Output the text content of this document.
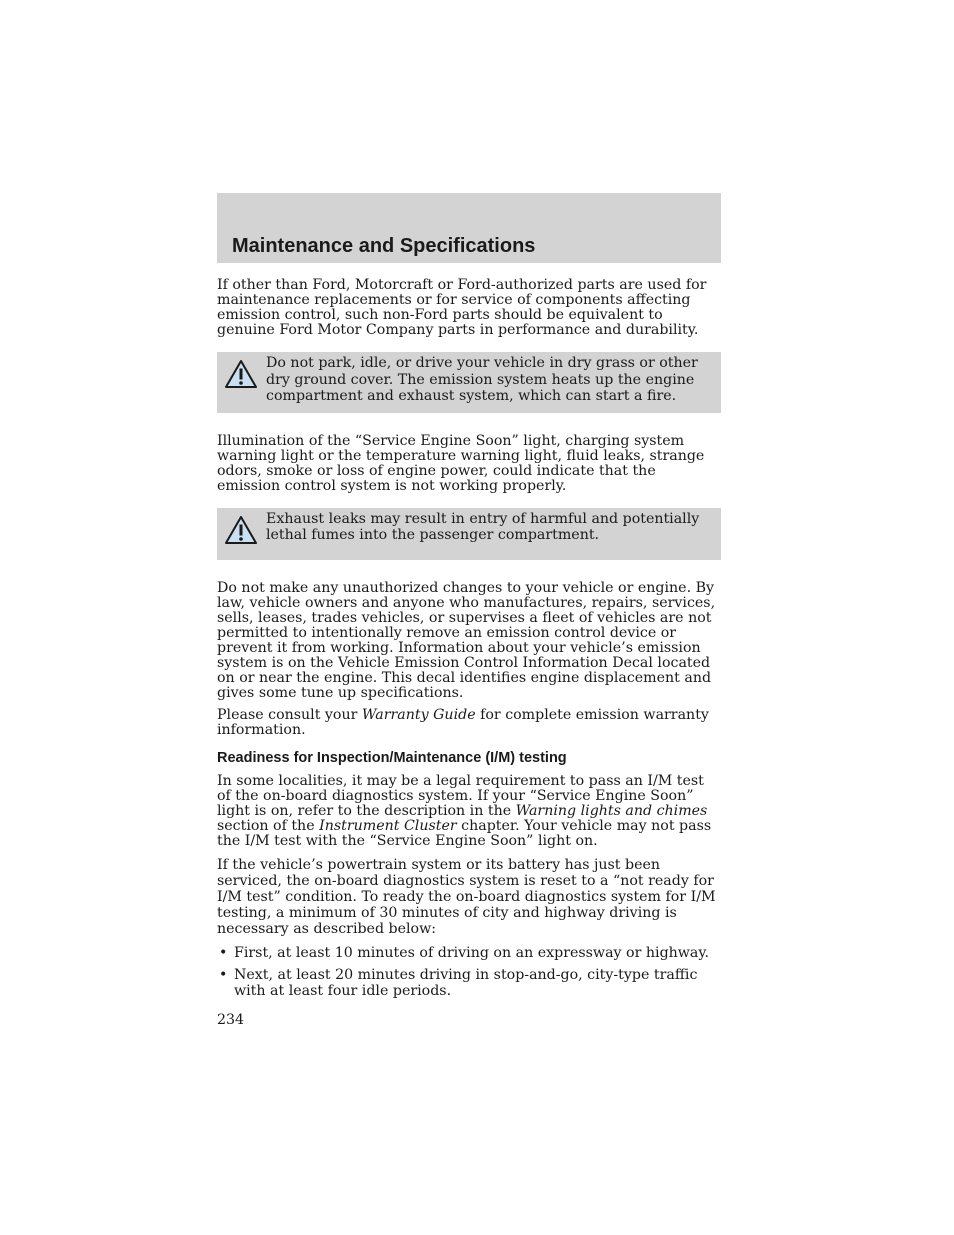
Maintenance and Specifications

If other than Ford, Motorcraft or Ford-authorized parts are used for maintenance replacements or for service of components affecting emission control, such non-Ford parts should be equivalent to genuine Ford Motor Company parts in performance and durability.

Do not park, idle, or drive your vehicle in dry grass or other dry ground cover. The emission system heats up the engine compartment and exhaust system, which can start a fire.

Illumination of the “Service Engine Soon” light, charging system warning light or the temperature warning light, fluid leaks, strange odors, smoke or loss of engine power, could indicate that the emission control system is not working properly.

Exhaust leaks may result in entry of harmful and potentially lethal fumes into the passenger compartment.

Do not make any unauthorized changes to your vehicle or engine. By law, vehicle owners and anyone who manufactures, repairs, services, sells, leases, trades vehicles, or supervises a fleet of vehicles are not permitted to intentionally remove an emission control device or prevent it from working. Information about your vehicle’s emission system is on the Vehicle Emission Control Information Decal located on or near the engine. This decal identifies engine displacement and gives some tune up specifications.

Please consult your Warranty Guide for complete emission warranty information.

Readiness for Inspection/Maintenance (I/M) testing

In some localities, it may be a legal requirement to pass an I/M test of the on-board diagnostics system. If your “Service Engine Soon” light is on, refer to the description in the Warning lights and chimes section of the Instrument Cluster chapter. Your vehicle may not pass the I/M test with the “Service Engine Soon” light on.

If the vehicle’s powertrain system or its battery has just been serviced, the on-board diagnostics system is reset to a “not ready for I/M test” condition. To ready the on-board diagnostics system for I/M testing, a minimum of 30 minutes of city and highway driving is necessary as described below:

• First, at least 10 minutes of driving on an expressway or highway.
• Next, at least 20 minutes driving in stop-and-go, city-type traffic with at least four idle periods.

234
